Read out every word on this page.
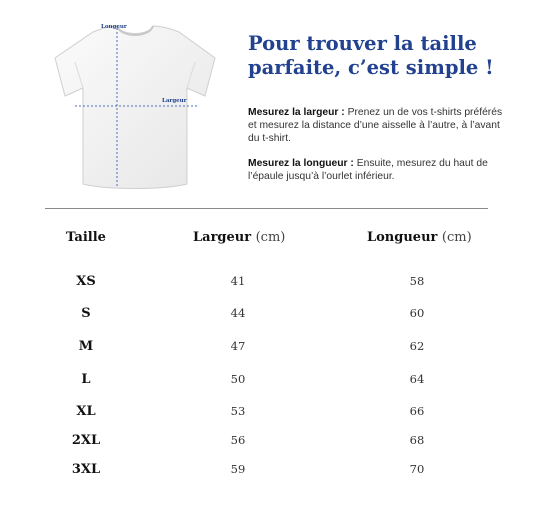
Longeur
Largeur
Pour trouver la taille
parfaite, c’est simple !

Mesurez la largeur : Prenez un de vos t-shirts préférés et mesurez la distance d’une aisselle à l’autre, à l’avant du t-shirt.

Mesurez la longueur : Ensuite, mesurez du haut de l’épaule jusqu’à l’ourlet inférieur.

Taille	Largeur (cm)	Longueur (cm)
XS	41	58
S	44	60
M	47	62
L	50	64
XL	53	66
2XL	56	68
3XL	59	70
